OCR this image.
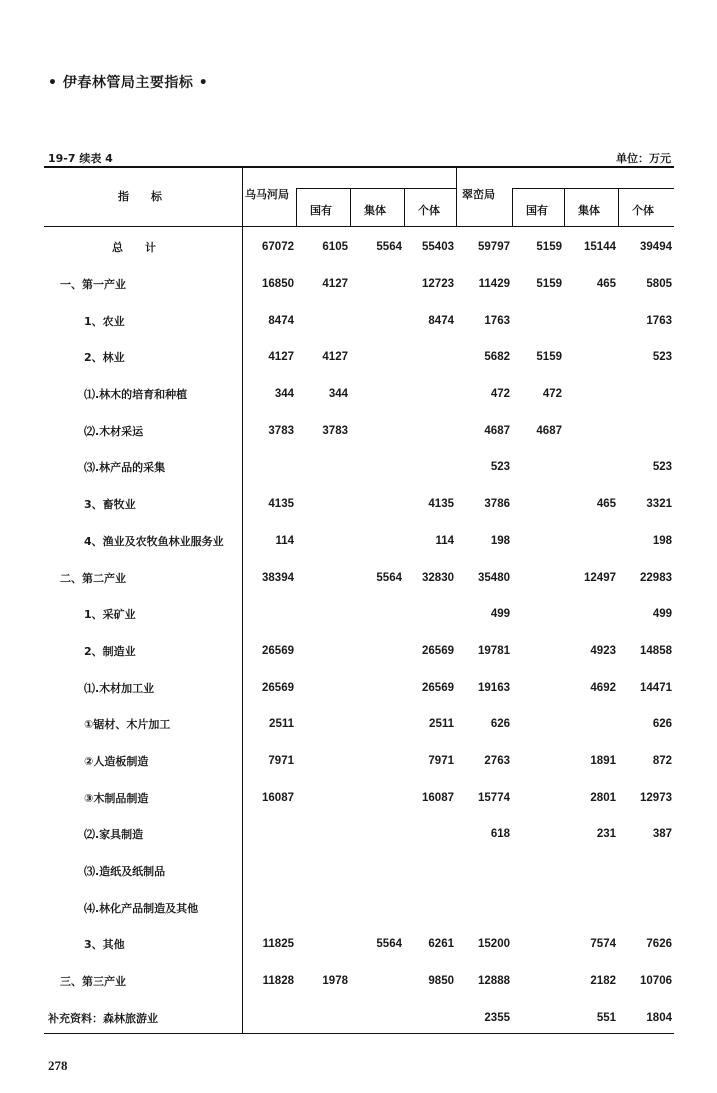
• 伊春林管局主要指标 •
19-7 续表 4	单位：万元
指　　标	乌马河局
国有	集体	个体
翠峦局
国有	集体	个体
总　　计	67072	6105	5564	55403	59797	5159	15144	39494
一、第一产业	16850	4127		12723	11429	5159	465	5805
1、农业	8474			8474	1763			1763
2、林业	4127	4127			5682	5159		523
⑴.林木的培育和种植	344	344			472	472		
⑵.木材采运	3783	3783			4687	4687		
⑶.林产品的采集					523			523
3、畜牧业	4135			4135	3786		465	3321
4、渔业及农牧鱼林业服务业	114			114	198			198
二、第二产业	38394		5564	32830	35480		12497	22983
1、采矿业					499			499
2、制造业	26569			26569	19781		4923	14858
⑴.木材加工业	26569			26569	19163		4692	14471
①锯材、木片加工	2511			2511	626			626
②人造板制造	7971			7971	2763		1891	872
③木制品制造	16087			16087	15774		2801	12973
⑵.家具制造					618		231	387
⑶.造纸及纸制品								
⑷.林化产品制造及其他								
3、其他	11825		5564	6261	15200		7574	7626
三、第三产业	11828	1978		9850	12888		2182	10706
补充资料：森林旅游业					2355		551	1804
278
